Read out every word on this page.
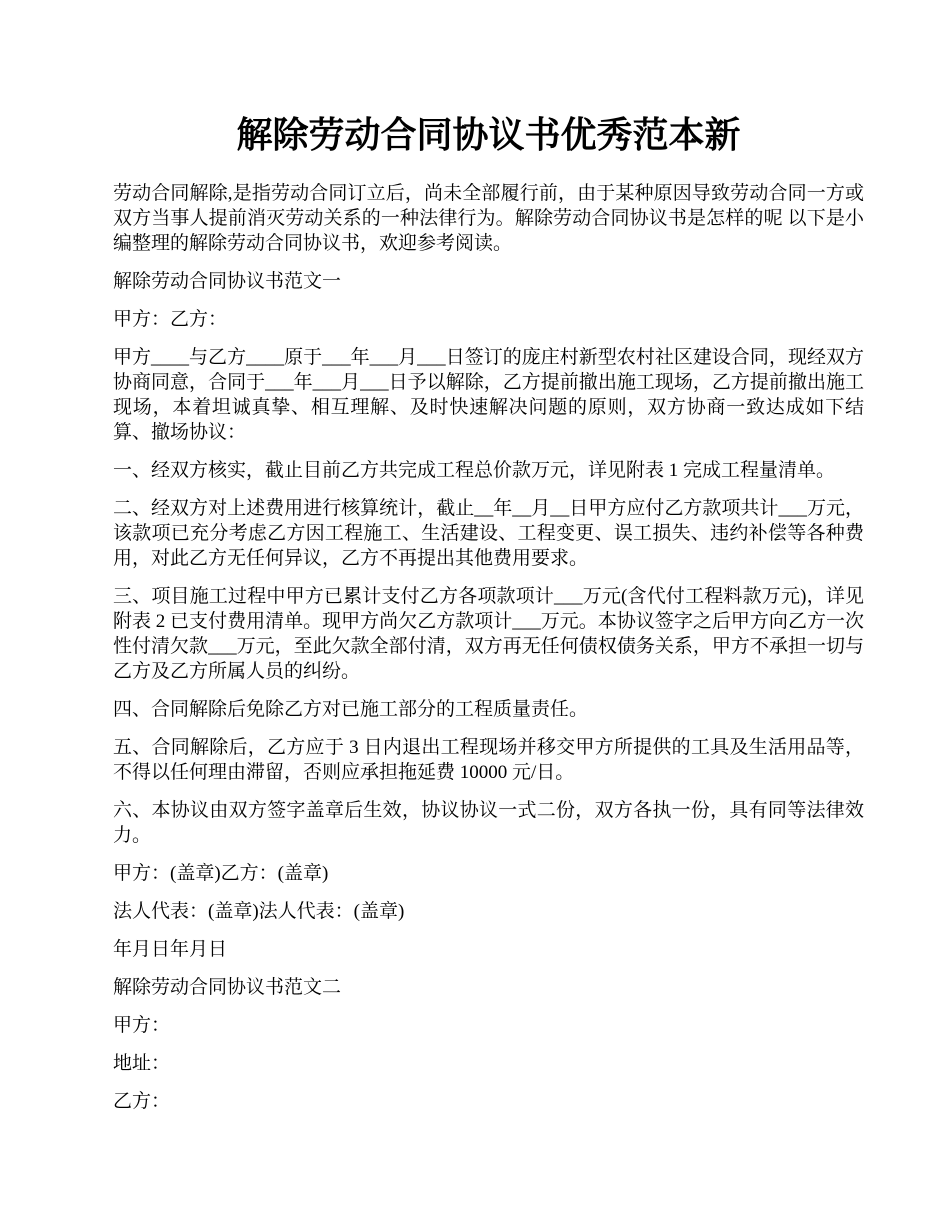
解除劳动合同协议书优秀范本新

劳动合同解除,是指劳动合同订立后，尚未全部履行前，由于某种原因导致劳动合同一方或双方当事人提前消灭劳动关系的一种法律行为。解除劳动合同协议书是怎样的呢 以下是小编整理的解除劳动合同协议书，欢迎参考阅读。

解除劳动合同协议书范文一

甲方：乙方：

甲方____与乙方____原于___年___月___日签订的庞庄村新型农村社区建设合同，现经双方协商同意，合同于___年___月___日予以解除，乙方提前撤出施工现场，乙方提前撤出施工现场，本着坦诚真挚、相互理解、及时快速解决问题的原则，双方协商一致达成如下结算、撤场协议：

一、经双方核实，截止目前乙方共完成工程总价款万元，详见附表 1 完成工程量清单。

二、经双方对上述费用进行核算统计，截止__年__月__日甲方应付乙方款项共计___万元，该款项已充分考虑乙方因工程施工、生活建设、工程变更、误工损失、违约补偿等各种费用，对此乙方无任何异议，乙方不再提出其他费用要求。

三、项目施工过程中甲方已累计支付乙方各项款项计___万元(含代付工程料款万元)，详见附表 2 已支付费用清单。现甲方尚欠乙方款项计___万元。本协议签字之后甲方向乙方一次性付清欠款___万元，至此欠款全部付清，双方再无任何债权债务关系，甲方不承担一切与乙方及乙方所属人员的纠纷。

四、合同解除后免除乙方对已施工部分的工程质量责任。

五、合同解除后，乙方应于 3 日内退出工程现场并移交甲方所提供的工具及生活用品等，不得以任何理由滞留，否则应承担拖延费 10000 元/日。

六、本协议由双方签字盖章后生效，协议协议一式二份，双方各执一份，具有同等法律效力。

甲方：(盖章)乙方：(盖章)

法人代表：(盖章)法人代表：(盖章)

年月日年月日

解除劳动合同协议书范文二

甲方：

地址：

乙方：
